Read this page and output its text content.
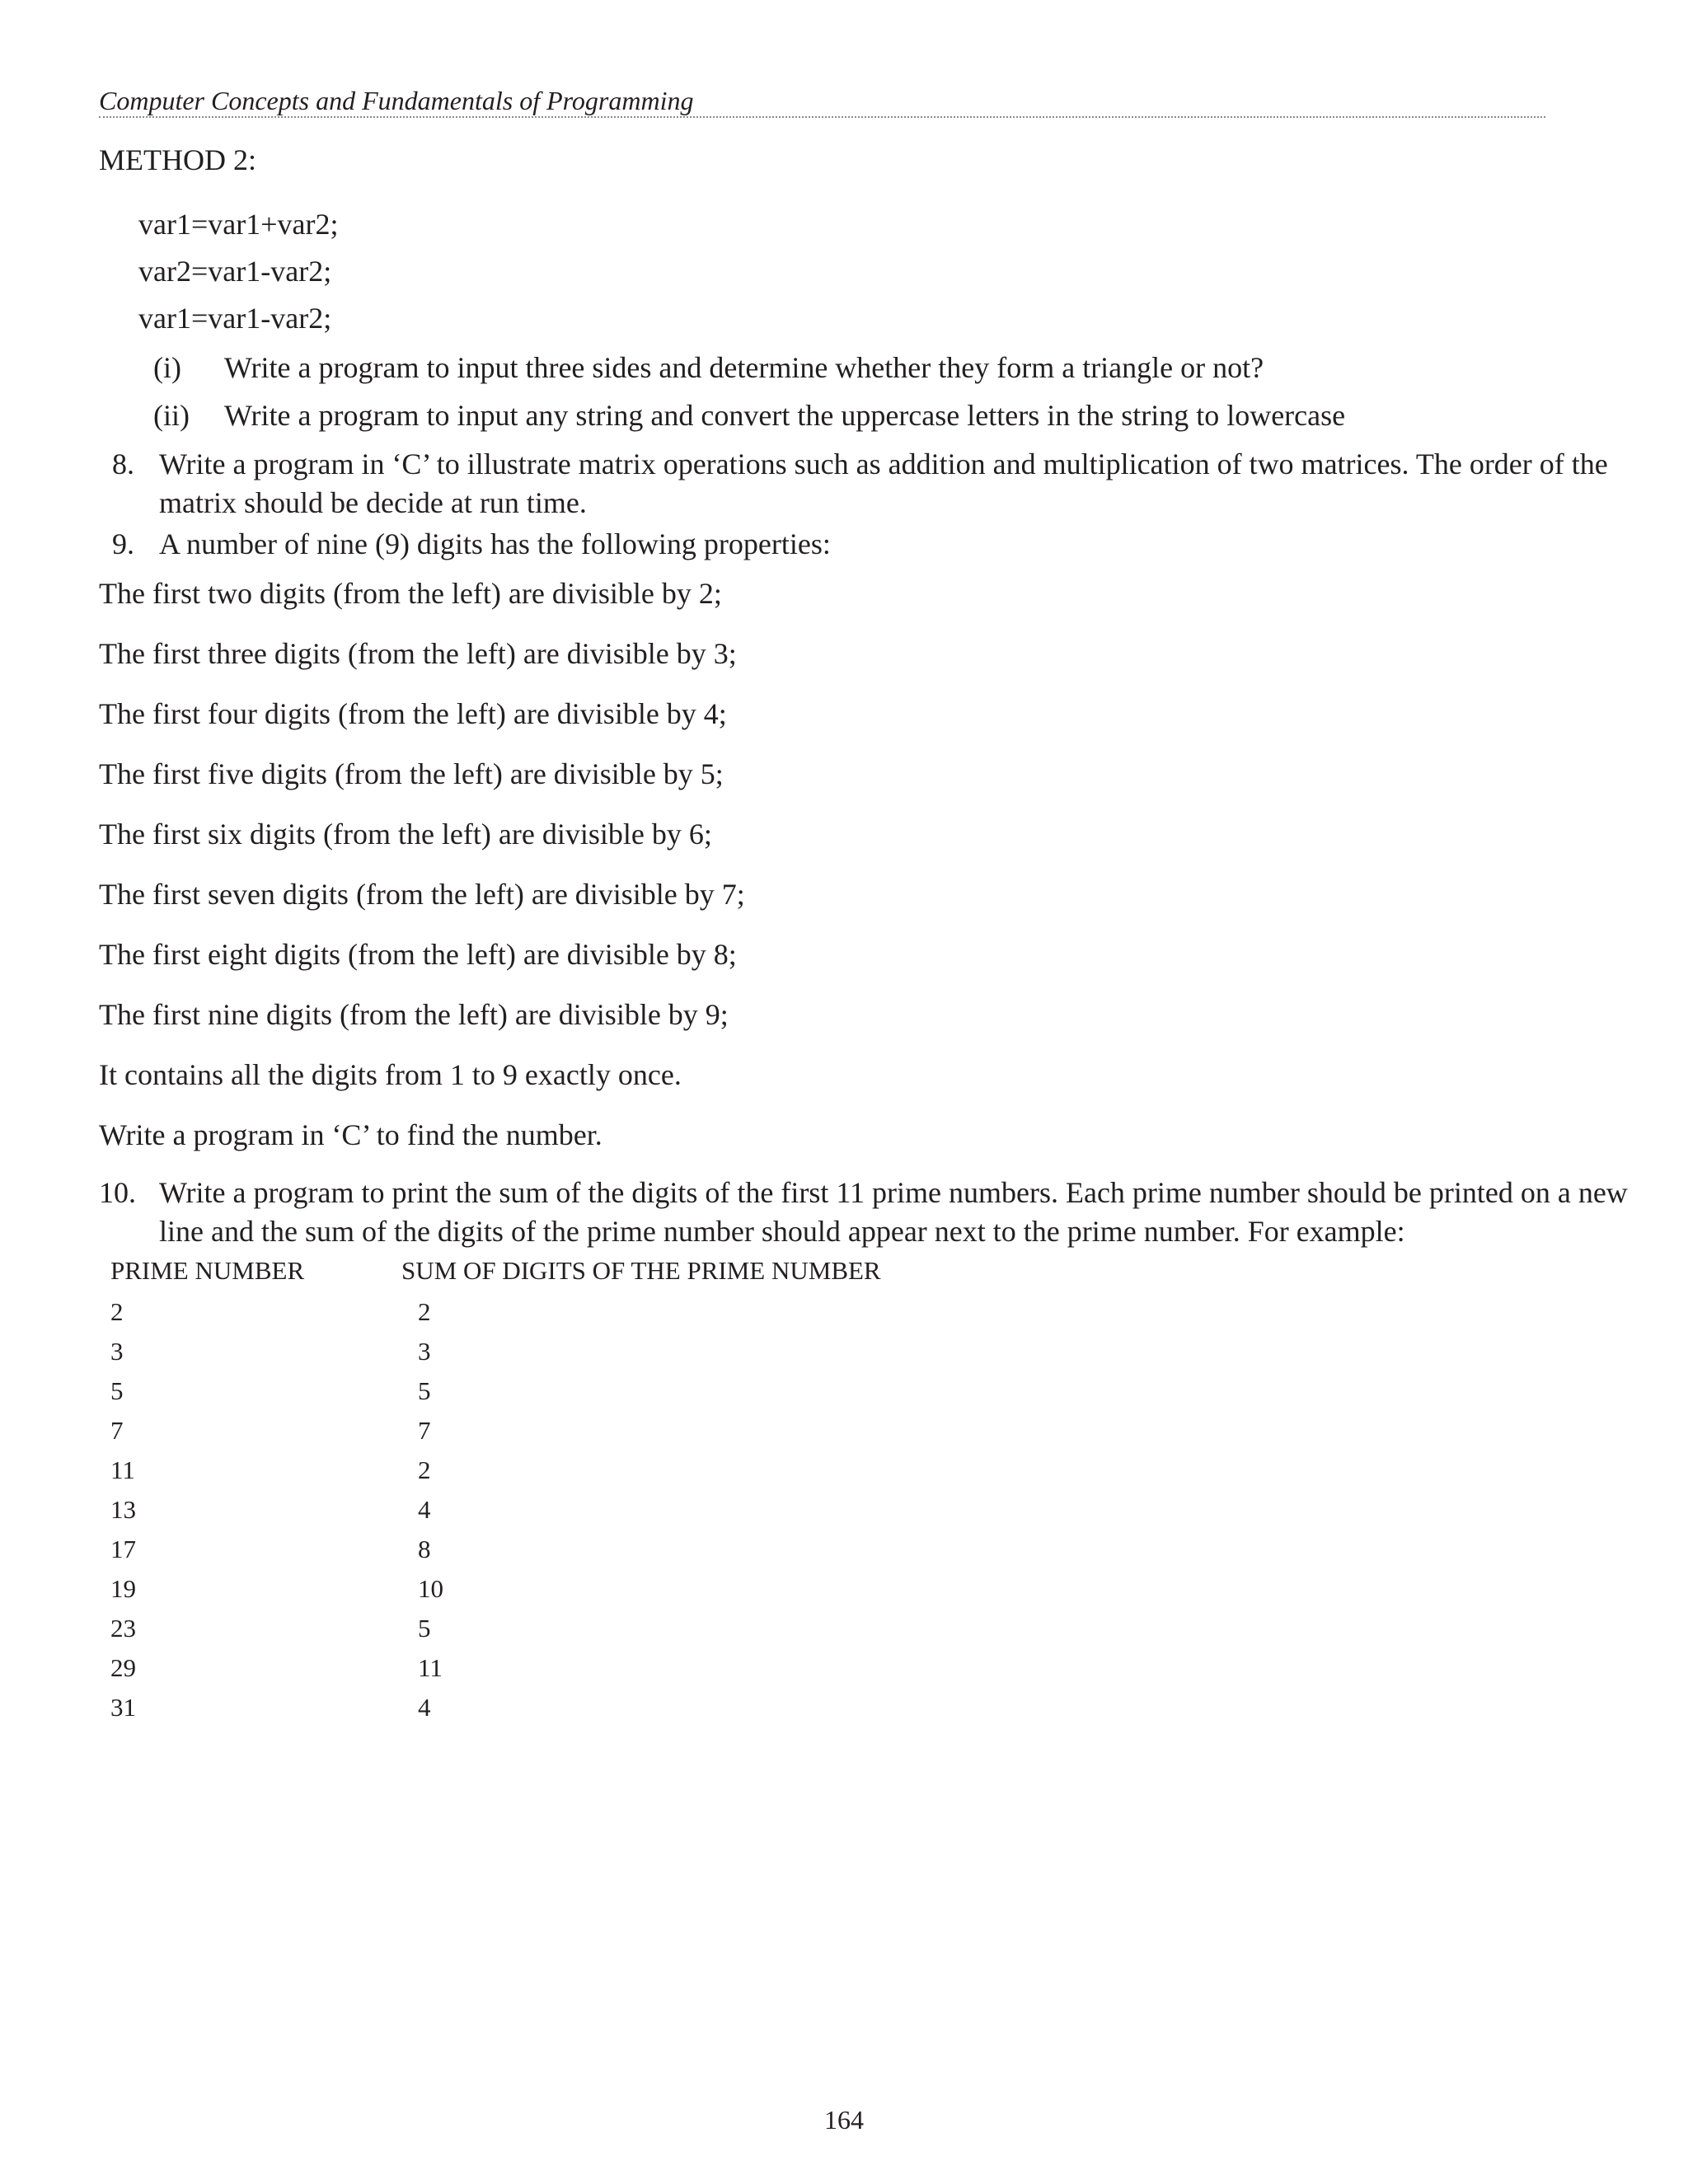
Computer Concepts and Fundamentals of Programming
METHOD 2:
var1=var1+var2;
var2=var1-var2;
var1=var1-var2;
(i) Write a program to input three sides and determine whether they form a triangle or not?
(ii) Write a program to input any string and convert the uppercase letters in the string to lowercase
8. Write a program in ‘C’ to illustrate matrix operations such as addition and multiplication of two matrices. The order of the
matrix should be decide at run time.
9. A number of nine (9) digits has the following properties:
The first two digits (from the left) are divisible by 2;
The first three digits (from the left) are divisible by 3;
The first four digits (from the left) are divisible by 4;
The first five digits (from the left) are divisible by 5;
The first six digits (from the left) are divisible by 6;
The first seven digits (from the left) are divisible by 7;
The first eight digits (from the left) are divisible by 8;
The first nine digits (from the left) are divisible by 9;
It contains all the digits from 1 to 9 exactly once.
Write a program in ‘C’ to find the number.
10. Write a program to print the sum of the digits of the first 11 prime numbers. Each prime number should be printed on a new
line and the sum of the digits of the prime number should appear next to the prime number. For example:
PRIME NUMBER	SUM OF DIGITS OF THE PRIME NUMBER
2	2
3	3
5	5
7	7
11	2
13	4
17	8
19	10
23	5
29	11
31	4
164
